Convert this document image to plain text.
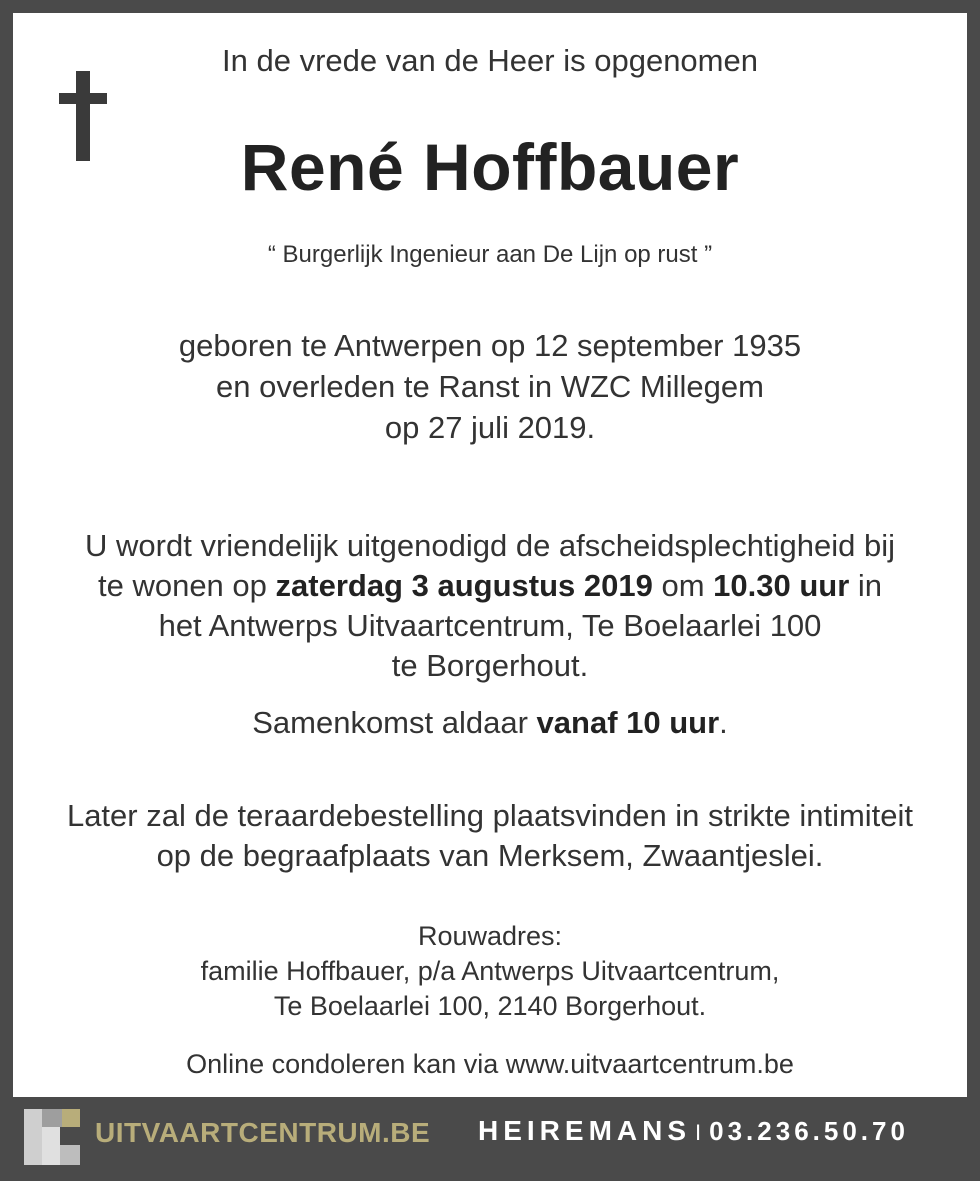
In de vrede van de Heer is opgenomen
René Hoffbauer
“ Burgerlijk Ingenieur aan De Lijn op rust ”
geboren te Antwerpen op 12 september 1935
en overleden te Ranst in WZC Millegem
op 27 juli 2019.
U wordt vriendelijk uitgenodigd de afscheidsplechtigheid bij
te wonen op zaterdag 3 augustus 2019 om 10.30 uur in
het Antwerps Uitvaartcentrum, Te Boelaarlei 100
te Borgerhout.
Samenkomst aldaar vanaf 10 uur.
Later zal de teraardebestelling plaatsvinden in strikte intimiteit
op de begraafplaats van Merksem, Zwaantjeslei.
Rouwadres:
familie Hoffbauer, p/a Antwerps Uitvaartcentrum,
Te Boelaarlei 100, 2140 Borgerhout.
Online condoleren kan via www.uitvaartcentrum.be
UITVAARTCENTRUM.BE HEIREMANS I 03.236.50.70
